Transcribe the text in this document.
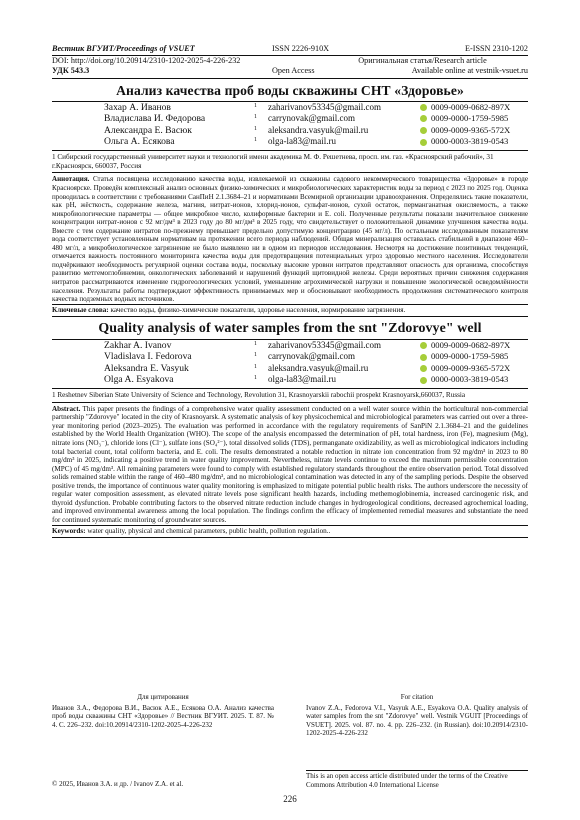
Вестник ВГУИТ/Proceedings of VSUET	ISSN 2226-910X	E-ISSN 2310-1202
DOI: http://doi.org/10.20914/2310-1202-2025-4-226-232	Оригинальная статья/Research article
УДК 543.3	Open Access	Available online at vestnik-vsuet.ru
Анализ качества проб воды скважины СНТ «Здоровье»
Захар А. Иванов	1	zaharivanov53345@gmail.com	0009-0009-0682-897X
Владислава И. Федорова	1	carrynovak@gmail.com	0009-0000-1759-5985
Александра Е. Васюк	1	aleksandra.vasyuk@mail.ru	0009-0009-9365-572X
Ольга А. Есякова	1	olga-la83@mail.ru	0000-0003-3819-0543
1 Сибирский государственный университет науки и технологий имени академика М. Ф. Решетнева, просп. им. газ. «Красноярский рабочий», 31 г.Красноярск, 660037, Россия
Аннотация. Статья посвящена исследованию качества воды, извлекаемой из скважины садового некоммерческого товарищества «Здоровье» в городе Красноярске. Проведён комплексный анализ основных физико-химических и микробиологических характеристик воды за период с 2023 по 2025 год. Оценка проводилась в соответствии с требованиями СанПиН 2.1.3684–21 и нормативами Всемирной организации здравоохранения. Определялись такие показатели, как рН, жёсткость, содержание железа, магния, нитрат-ионов, хлорид-ионов, сульфат-ионов, сухой остаток, перманганатная окисляемость, а также микробиологические параметры — общее микробное число, колиформные бактерии и E. coli. Полученные результаты показали значительное снижение концентрации нитрат-ионов с 92 мг/дм³ в 2023 году до 80 мг/дм³ в 2025 году, что свидетельствует о положительной динамике улучшения качества воды. Вместе с тем содержание нитратов по-прежнему превышает предельно допустимую концентрацию (45 мг/л). По остальным исследованным показателям вода соответствует установленным нормативам на протяжении всего периода наблюдений. Общая минерализация оставалась стабильной в диапазоне 460–480 мг/л, а микробиологическое загрязнение не было выявлено ни в одном из периодов исследования. Несмотря на достижение позитивных тенденций, отмечается важность постоянного мониторинга качества воды для предотвращения потенциальных угроз здоровью местного населения. Исследователи подчёркивают необходимость регулярной оценки состава воды, поскольку высокие уровни нитратов представляют опасность для организма, способствуя развитию метгемоглобинемии, онкологических заболеваний и нарушений функций щитовидной железы. Среди вероятных причин снижения содержания нитратов рассматриваются изменение гидрогеологических условий, уменьшение агрохимической нагрузки и повышение экологической осведомлённости населения. Результаты работы подтверждают эффективность принимаемых мер и обосновывают необходимость продолжения систематического контроля качества подземных водных источников.
Ключевые слова: качество воды, физико-химические показатели, здоровье населения, нормирование загрязнения.
Quality analysis of water samples from the snt "Zdorovye" well
Zakhar A. Ivanov	1	zaharivanov53345@gmail.com	0009-0009-0682-897X
Vladislava I. Fedorova	1	carrynovak@gmail.com	0009-0000-1759-5985
Aleksandra E. Vasyuk	1	aleksandra.vasyuk@mail.ru	0009-0009-9365-572X
Olga A. Esyakova	1	olga-la83@mail.ru	0000-0003-3819-0543
1 Reshetnev Siberian State University of Science and Technology, Revolution 31, Krasnoyarskii rabochii prospekt Krasnoyarsk,660037, Russia
Abstract. This paper presents the findings of a comprehensive water quality assessment conducted on a well water source within the horticultural non-commercial partnership "Zdorovye" located in the city of Krasnoyarsk. A systematic analysis of key physicochemical and microbiological parameters was carried out over a three-year monitoring period (2023–2025). The evaluation was performed in accordance with the regulatory requirements of SanPiN 2.1.3684–21 and the guidelines established by the World Health Organization (WHO). The scope of the analysis encompassed the determination of pH, total hardness, iron (Fe), magnesium (Mg), nitrate ions (NO₃⁻), chloride ions (Cl⁻), sulfate ions (SO₄²⁻), total dissolved solids (TDS), permanganate oxidizability, as well as microbiological indicators including total bacterial count, total coliform bacteria, and E. coli. The results demonstrated a notable reduction in nitrate ion concentration from 92 mg/dm³ in 2023 to 80 mg/dm³ in 2025, indicating a positive trend in water quality improvement. Nevertheless, nitrate levels continue to exceed the maximum permissible concentration (MPC) of 45 mg/dm³. All remaining parameters were found to comply with established regulatory standards throughout the entire observation period. Total dissolved solids remained stable within the range of 460–480 mg/dm³, and no microbiological contamination was detected in any of the sampling periods. Despite the observed positive trends, the importance of continuous water quality monitoring is emphasized to mitigate potential public health risks. The authors underscore the necessity of regular water composition assessment, as elevated nitrate levels pose significant health hazards, including methemoglobinemia, increased carcinogenic risk, and thyroid dysfunction. Probable contributing factors to the observed nitrate reduction include changes in hydrogeological conditions, decreased agrochemical loading, and improved environmental awareness among the local population. The findings confirm the efficacy of implemented remedial measures and substantiate the need for continued systematic monitoring of groundwater sources.
Keywords: water quality, physical and chemical parameters, public health, pollution regulation..
Для цитирования
Иванов З.А., Федорова В.И., Васюк А.Е., Есякова О.А. Анализ качества проб воды скважины СНТ «Здоровье» // Вестник ВГУИТ. 2025. Т. 87. № 4. С. 226–232. doi:10.20914/2310-1202-2025-4-226-232
For citation
Ivanov Z.A., Fedorova V.I., Vasyuk A.E., Esyakova O.A. Quality analysis of water samples from the snt "Zdorovye" well. Vestnik VGUIT [Proceedings of VSUET]. 2025. vol. 87. no. 4. pp. 226–232. (in Russian). doi:10.20914/2310-1202-2025-4-226-232
© 2025, Иванов З.А. и др. / Ivanov Z.A. et al.
This is an open access article distributed under the terms of the Creative Commons Attribution 4.0 International License
226
